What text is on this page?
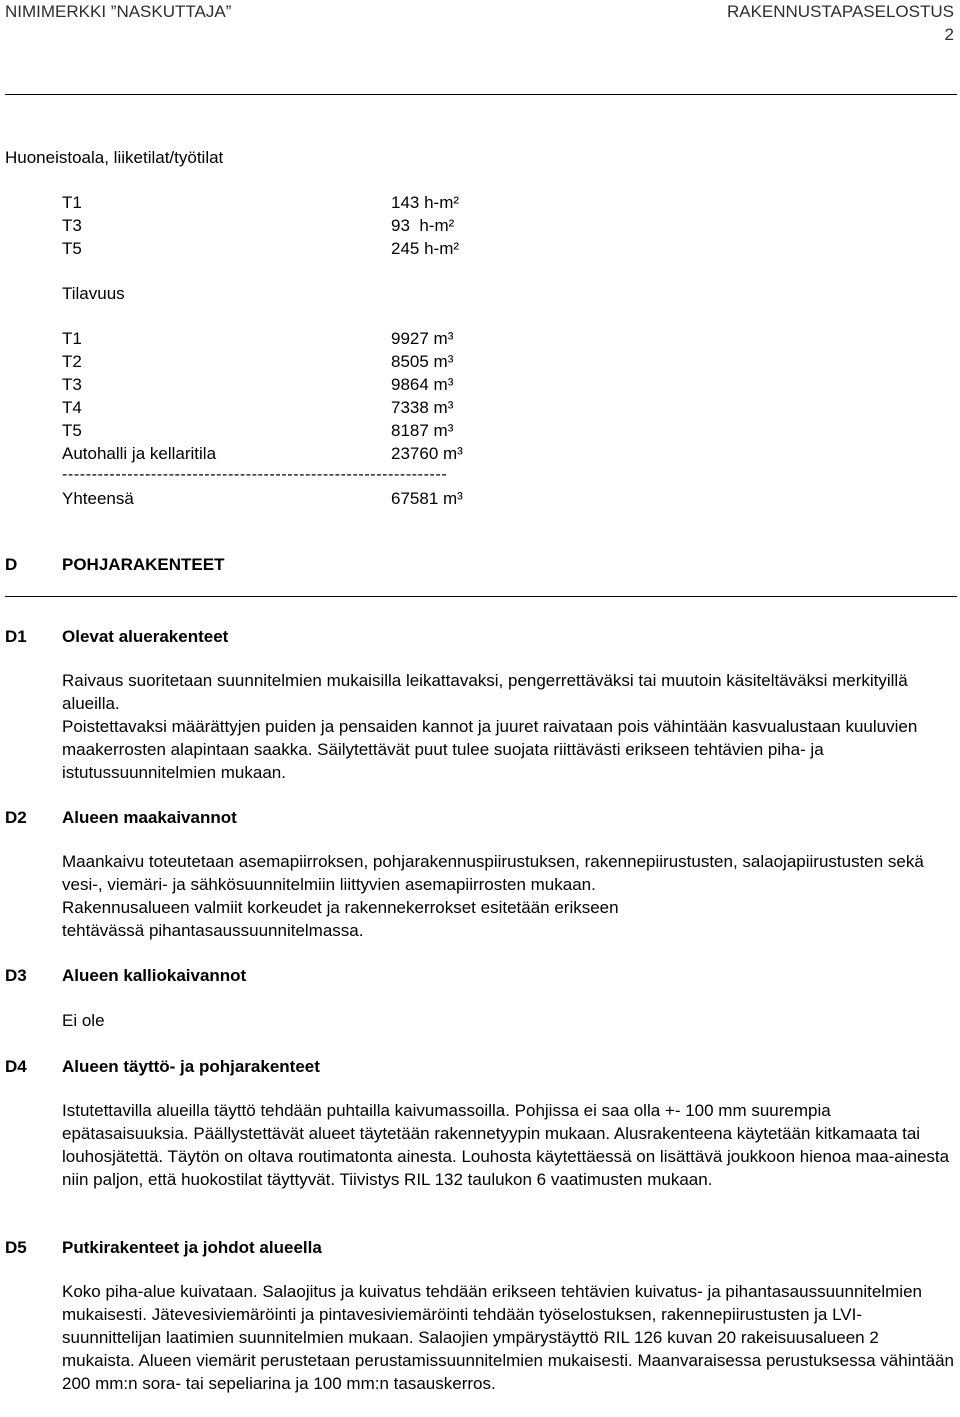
NIMIMERKKI ”NASKUTTAJA”	RAKENNUSTAPASELOSTUS
2
Huoneistoala, liiketilat/työtilat
T1	143 h-m²
T3	93  h-m²
T5	245 h-m²
Tilavuus
T1	9927 m³
T2	8505 m³
T3	9864 m³
T4	7338 m³
T5	8187 m³
Autohalli ja kellaritila	23760 m³
-----------------------------------------------------------------
Yhteensä	67581 m³
D	POHJARAKENTEET
D1 Olevat aluerakenteet

Raivaus suoritetaan suunnitelmien mukaisilla leikattavaksi, pengerrettäväksi tai muutoin käsiteltäväksi merkityillä alueilla.

Poistettavaksi määrättyjen puiden ja pensaiden kannot ja juuret raivataan pois vähintään kasvualustaan kuuluvien maakerrosten alapintaan saakka. Säilytettävät puut tulee suojata riittävästi erikseen tehtävien piha- ja istutussuunnitelmien mukaan.

D2 Alueen maakaivannot

Maankaivu toteutetaan asemapiirroksen, pohjarakennuspiirustuksen, rakennepiirustusten, salaojapiirustusten sekä vesi-, viemäri- ja sähkösuunnitelmiin liittyvien asemapiirrosten mukaan.

Rakennusalueen valmiit korkeudet ja rakennekerrokset esitetään erikseen

tehtävässä pihantasaussuunnitelmassa.

D3 Alueen kalliokaivannot

Ei ole

D4 Alueen täyttö- ja pohjarakenteet

Istutettavilla alueilla täyttö tehdään puhtailla kaivumassoilla. Pohjissa ei saa olla +- 100 mm suurempia epätasaisuuksia. Päällystettävät alueet täytetään rakennetyypin mukaan. Alusrakenteena käytetään kitkamaata tai louhosjätettä. Täytön on oltava routimatonta ainesta. Louhosta käytettäessä on lisättävä joukkoon hienoa maa-ainesta niin paljon, että huokostilat täyttyvät. Tiivistys RIL 132 taulukon 6 vaatimusten mukaan.

D5 Putkirakenteet ja johdot alueella

Koko piha-alue kuivataan. Salaojitus ja kuivatus tehdään erikseen tehtävien kuivatus- ja pihantasaussuunnitelmien mukaisesti. Jätevesiviemäröinti ja pintavesiviemäröinti tehdään työselostuksen, rakennepiirustusten ja LVI-suunnittelijan laatimien suunnitelmien mukaan. Salaojien ympärystäyttö RIL 126 kuvan 20 rakeisuusalueen 2 mukaista. Alueen viemärit perustetaan perustamissuunnitelmien mukaisesti. Maanvaraisessa perustuksessa vähintään 200 mm:n sora- tai sepeliarina ja 100 mm:n tasauskerros.
